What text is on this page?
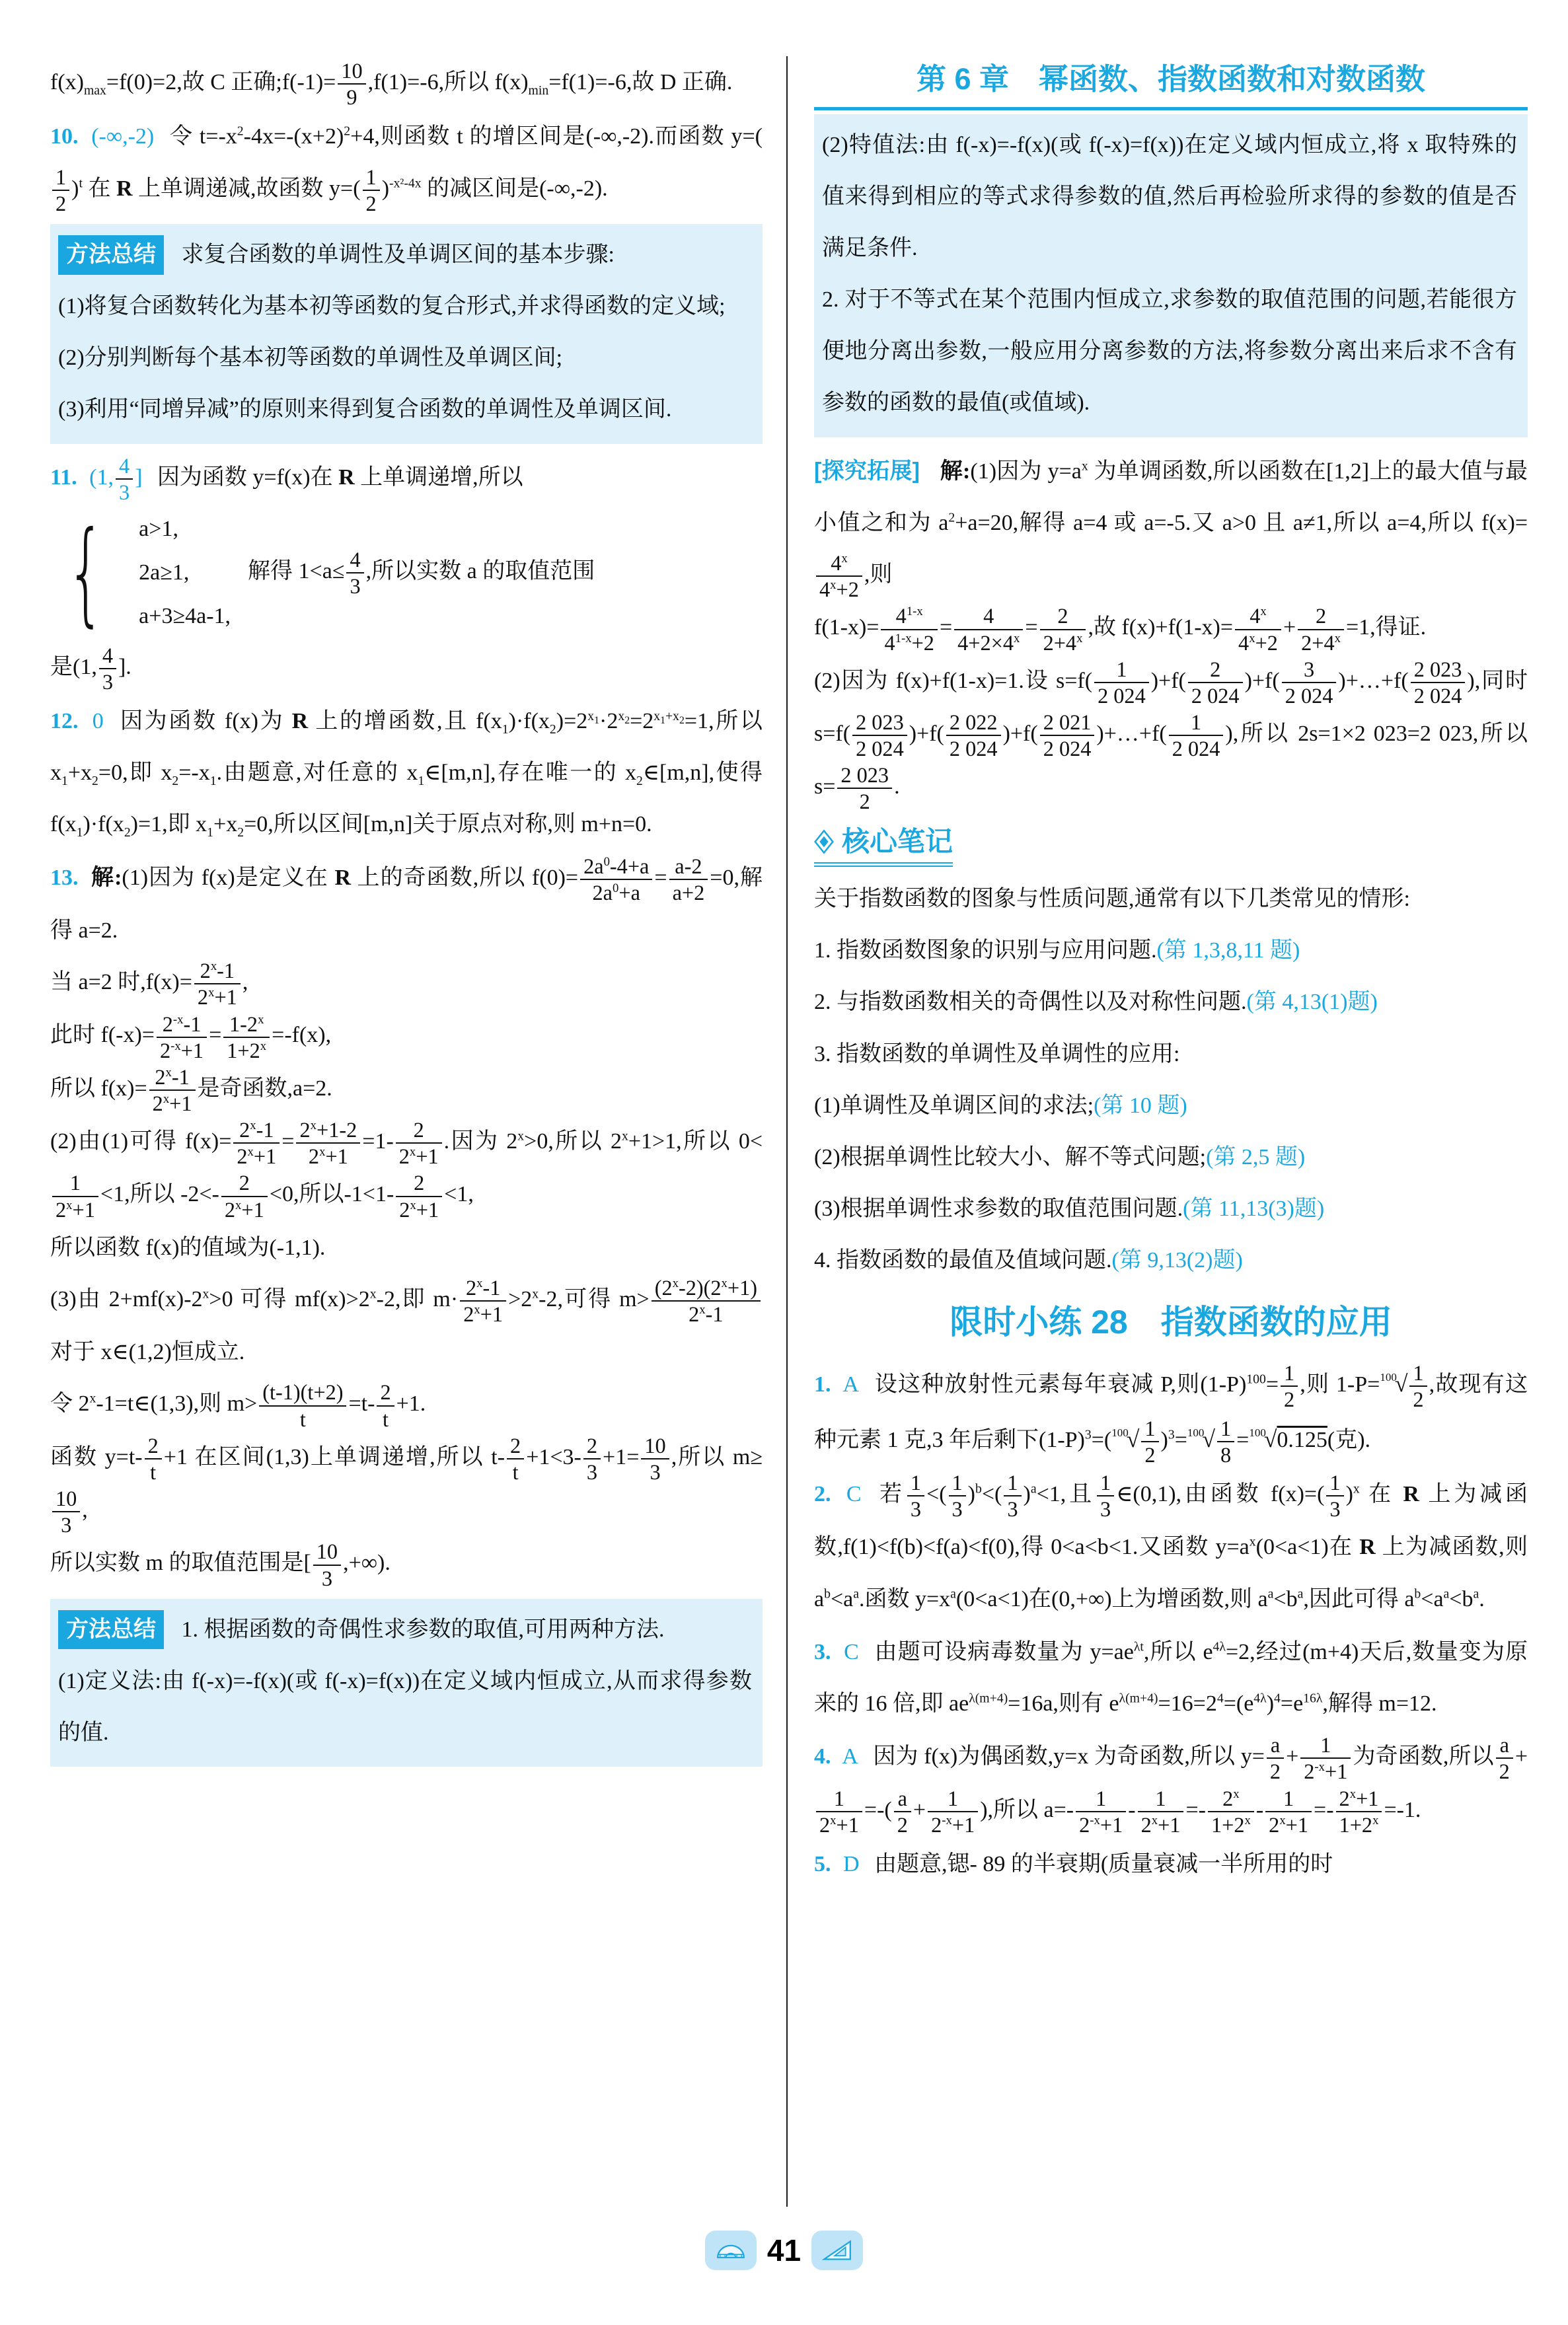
$f(x)_{max}=f(0)=2$,故 C 正确;f(-1)= $\frac{10}{9} ,f(1)=-6$,所以 $f(x)_{min}=f(1)=-6$,故 D 正确.

10. (-∞,-2) 令 $t=-x^2-4x=-(x+2)^2+4$,则函数 t 的增区间是(-∞,-2).而函数 y=(
$\frac{1}{2} )^t$ 在 R 上单调递减,故函数 $y=( \frac{1}{2} )^{-x^2-4x}$ 的减区间是(-∞,-2).

方法总结 求复合函数的单调性及单调区间的基本步骤:

(1)将复合函数转化为基本初等函数的复合形式,并求得函数的定义域;

(2)分别判断每个基本初等函数的单调性及单调区间;

(3)利用“同增异减”的原则来得到复合函数的单调性及单调区间.

11. (1, $\frac{4}{3}$ ] 因为函数 y=f(x)在 R 上单调递增,所以

{ a>1,
2a≥1,
a+3≥4a-1,
解得 $1<a\le \frac{4}{3}$ ,所以实数 a 的取值范围

是(1, $\frac{4}{3}$ ].

12. 0 因为函数 f(x)为 R 上的增函数,且 $f(x_1)\cdot f(x_2)=2^{x_1}\cdot 2^{x_2}=2^{x_1+x_2}=1$,所以 $x_1+x_2=0$,即 $x_2=-x_1$.由题意,对任意的 $x_1\in[m,n]$,存在唯一的 $x_2\in[m,n]$,使得 $f(x_1)\cdot f(x_2)=1$,即 $x_1+x_2=0$,所以区间[m,n]关于原点对称,则 m+n=0.

13. 解:(1)因为 f(x)是定义在 R 上的奇函数,所以 $f(0)= \frac{2a^0-4+a}{2a^0+a} = \frac{a-2}{a+2} =0$,解得 a=2.

当 a=2 时$,f(x)= \frac{2^x-1}{2^x+1}$ ,

此时 $f(-x)= \frac{2^{-x}-1}{2^{-x}+1} = \frac{1-2^x}{1+2^x} =-f(x)$,

所以 $f(x)= \frac{2^x-1}{2^x+1}$ 是奇函数,a=2.

(2)由(1)可得 $f(x)= \frac{2^x-1}{2^x+1} = \frac{2^x+1-2}{2^x+1} =1- \frac{2}{2^x+1}$ .因为 $2^x>0$,所以 $2^x+1>1$,所以 0<
$\frac{1}{2^x+1} <1$,所以 $-2<- \frac{2}{2^x+1} <0$,所以$-1<1- \frac{2}{2^x+1} <1$,

所以函数 f(x)的值域为(-1,1).

(3)由 $2+mf(x)-2^x>0$ 可得 $mf(x)>2^x-2$,即 $m\cdot \frac{2^x-1}{2^x+1} >2^x-2$,可得 $m> \frac{(2^x-2)(2^x+1)}{2^x-1}$
对于 x∈(1,2)恒成立.

令 $2^x-1=t\in(1,3)$,则 $m> \frac{(t-1)(t+2)}{t} =t- \frac{2}{t} +1$.

函数 $y=t- \frac{2}{t} +1$ 在区间(1,3)上单调递增,所以 $t- \frac{2}{t} +1<3- \frac{2}{3} +1= \frac{10}{3}$ ,所以 m≥
$\frac{10}{3}$ ,

所以实数 m 的取值范围是[ $\frac{10}{3}$ ,+∞).

方法总结 1. 根据函数的奇偶性求参数的取值,可用两种方法.

(1)定义法:由 f(-x)=-f(x)(或 f(-x)=f(x))在定义域内恒成立,从而求得参数的值.

第 6 章　幂函数、指数函数和对数函数

(2)特值法:由 f(-x)=-f(x)(或 f(-x)=f(x))在定义域内恒成立,将 x 取特殊的值来得到相应的等式求得参数的值,然后再检验所求得的参数的值是否满足条件.

2. 对于不等式在某个范围内恒成立,求参数的取值范围的问题,若能很方便地分离出参数,一般应用分离参数的方法,将参数分离出来后求不含有参数的函数的最值(或值域).

[探究拓展] 解:(1)因为 $y=a^x$ 为单调函数,所以函数在[1,2]上的最大值与最小值之和为 $a^2+a=20$,解得 a=4 或 a=-5.又 a>0 且 a≠1,所以 a=4,所以 f(x)=
$\frac{4^x}{4^x+2}$ ,则

$f(1-x)= \frac{4^{1-x}}{4^{1-x}+2} = \frac{4}{4+2\times 4^x} = \frac{2}{2+4^x}$ ,故 $f(x)+f(1-x)= \frac{4^x}{4^x+2} + \frac{2}{2+4^x} =1$,得证.

(2)因为 f(x)+f(1-x)=1.设 $s=f( \frac{1}{2 024} )+f( \frac{2}{2 024} )+f( \frac{3}{2 024}$ )+…+f( $\frac{2 023}{2 024}$ ),同时 $s=f( \frac{2 023}{2 024} )+f( \frac{2 022}{2 024} )+f( \frac{2 021}{2 024}$ )+…+f( $\frac{1}{2 024}$ ),所以 2s=1×2 023=2 023,所以 $s= \frac{2 023}{2}$ .

核心笔记

关于指数函数的图象与性质问题,通常有以下几类常见的情形:

1. 指数函数图象的识别与应用问题.(第 1,3,8,11 题)

2. 与指数函数相关的奇偶性以及对称性问题.(第 4,13(1)题)

3. 指数函数的单调性及单调性的应用:

(1)单调性及单调区间的求法;(第 10 题)

(2)根据单调性比较大小、解不等式问题;(第 2,5 题)

(3)根据单调性求参数的取值范围问题.(第 11,13(3)题)

4. 指数函数的最值及值域问题.(第 9,13(2)题)

限时小练 28　指数函数的应用

1. A 设这种放射性元素每年衰减 P,则$(1-P)^{100}= \frac{1}{2}$ ,则 $1-P=^{100}√ \frac{1}{2}$ ,故现有这种元素 1 克,3 年后剩下$(1-P)^3=(^{100}√ \frac{1}{2} )^3=^{100}√ \frac{1}{8} =^{100}√0.125$(克).

2. C 若 $\frac{1}{3}$ <( $\frac{1}{3} )^b<( \frac{1}{3} )^a<1$,且 $\frac{1}{3}$ ∈(0,1),由函数 $f(x)=( \frac{1}{3} )^x$ 在 R 上为减函数,f(1)<f(b)<f(a)<f(0),得 0<a<b<1.又函数 $y=a^x(0<a<1)$在 R 上为减函数,则 $a^b<a^a$.函数 $y=x^a(0<a<1)$在(0,+∞)上为增函数,则 $a^a<b^a$,因此可得 $a^b<a^a<b^a$.

3. C 由题可设病毒数量为 $y=ae^{\lambda t}$,所以 $e^{4\lambda}=2$,经过(m+4)天后,数量变为原来的 16 倍,即 $ae^{\lambda(m+4)}=16a$,则有 $e^{\lambda(m+4)}=16=2^4=(e^{4\lambda})^4=e^{16\lambda}$,解得 m=12.

4. A 因为 f(x)为偶函数,y=x 为奇函数,所以 $y= \frac{a}{2} + \frac{1}{2^{-x}+1}$ 为奇函数,所以 $\frac{a}{2}$ +
$\frac{1}{2^x+1}$ =-( $\frac{a}{2} + \frac{1}{2^{-x}+1}$ ),所以 $a=- \frac{1}{2^{-x}+1} - \frac{1}{2^x+1} =- \frac{2^x}{1+2^x} - \frac{1}{2^x+1} =- \frac{2^x+1}{1+2^x} =-1$.

5. D 由题意,锶- 89 的半衰期(质量衰减一半所用的时

41
